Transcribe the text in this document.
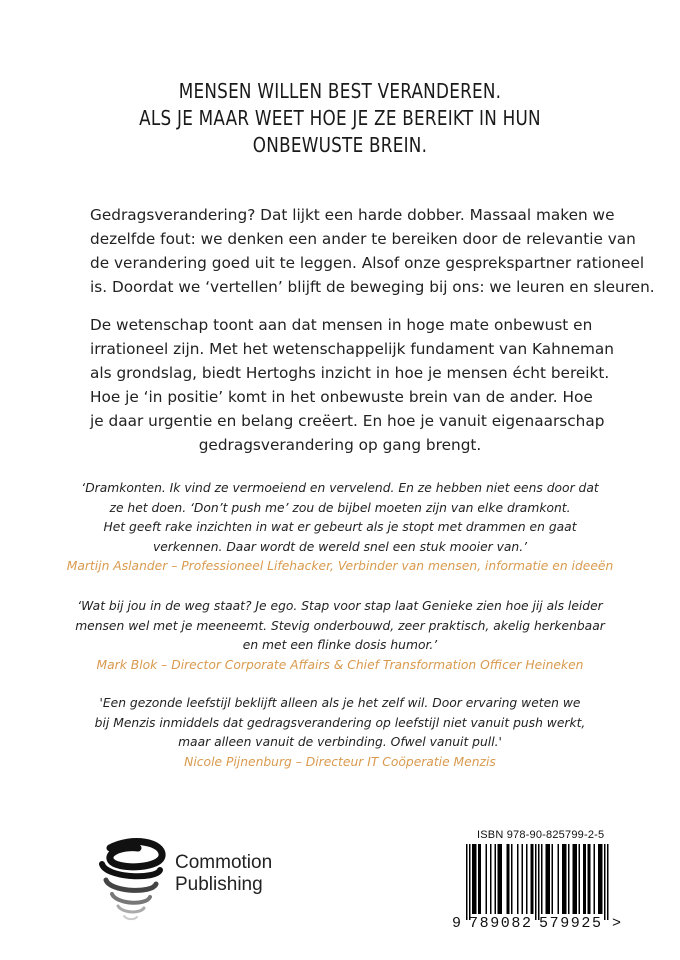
MENSEN WILLEN BEST VERANDEREN.
ALS JE MAAR WEET HOE JE ZE BEREIKT IN HUN
ONBEWUSTE BREIN.
Gedragsverandering? Dat lijkt een harde dobber. Massaal maken we
dezelfde fout: we denken een ander te bereiken door de relevantie van
de verandering goed uit te leggen. Alsof onze gesprekspartner rationeel
is. Doordat we ‘vertellen’ blijft de beweging bij ons: we leuren en sleuren.
De wetenschap toont aan dat mensen in hoge mate onbewust en
irrationeel zijn. Met het wetenschappelijk fundament van Kahneman
als grondslag, biedt Hertoghs inzicht in hoe je mensen écht bereikt.
Hoe je ‘in positie’ komt in het onbewuste brein van de ander. Hoe
je daar urgentie en belang creëert. En hoe je vanuit eigenaarschap
gedragsverandering op gang brengt.
‘Dramkonten. Ik vind ze vermoeiend en vervelend. En ze hebben niet eens door dat
ze het doen. ‘Don’t push me’ zou de bijbel moeten zijn van elke dramkont.
Het geeft rake inzichten in wat er gebeurt als je stopt met drammen en gaat
verkennen. Daar wordt de wereld snel een stuk mooier van.’
Martijn Aslander – Professioneel Lifehacker, Verbinder van mensen, informatie en ideeën
‘Wat bij jou in de weg staat? Je ego. Stap voor stap laat Genieke zien hoe jij als leider
mensen wel met je meeneemt. Stevig onderbouwd, zeer praktisch, akelig herkenbaar
en met een flinke dosis humor.’
Mark Blok – Director Corporate Affairs & Chief Transformation Officer Heineken
'Een gezonde leefstijl beklijft alleen als je het zelf wil. Door ervaring weten we
bij Menzis inmiddels dat gedragsverandering op leefstijl niet vanuit push werkt,
maar alleen vanuit de verbinding. Ofwel vanuit pull.'
Nicole Pijnenburg – Directeur IT Coöperatie Menzis
Commotion
Publishing
ISBN 978-90-825799-2-5
9 789082 579925 >
